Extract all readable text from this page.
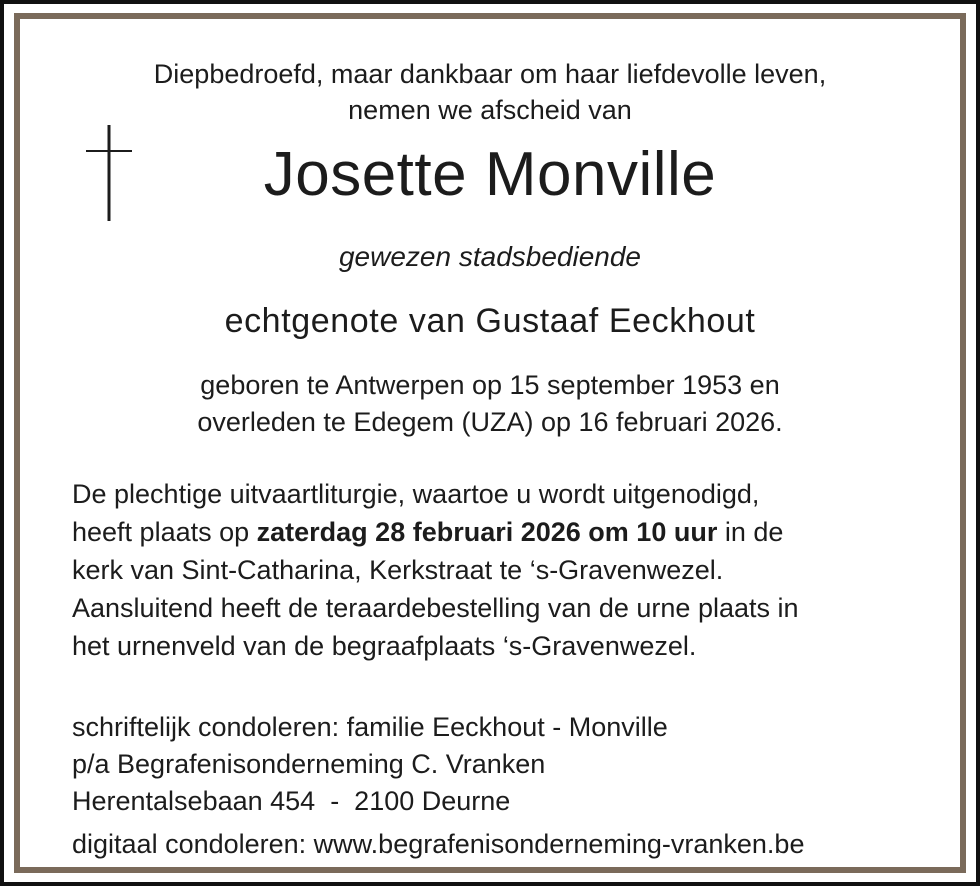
Diepbedroefd, maar dankbaar om haar liefdevolle leven,
nemen we afscheid van
Josette Monville
gewezen stadsbediende
echtgenote van Gustaaf Eeckhout
geboren te Antwerpen op 15 september 1953 en
overleden te Edegem (UZA) op 16 februari 2026.
De plechtige uitvaartliturgie, waartoe u wordt uitgenodigd,
heeft plaats op zaterdag 28 februari 2026 om 10 uur in de
kerk van Sint-Catharina, Kerkstraat te ‘s-Gravenwezel.
Aansluitend heeft de teraardebestelling van de urne plaats in
het urnenveld van de begraafplaats ‘s-Gravenwezel.
schriftelijk condoleren: familie Eeckhout - Monville
p/a Begrafenisonderneming C. Vranken
Herentalsebaan 454  -  2100 Deurne
digitaal condoleren: www.begrafenisonderneming-vranken.be
